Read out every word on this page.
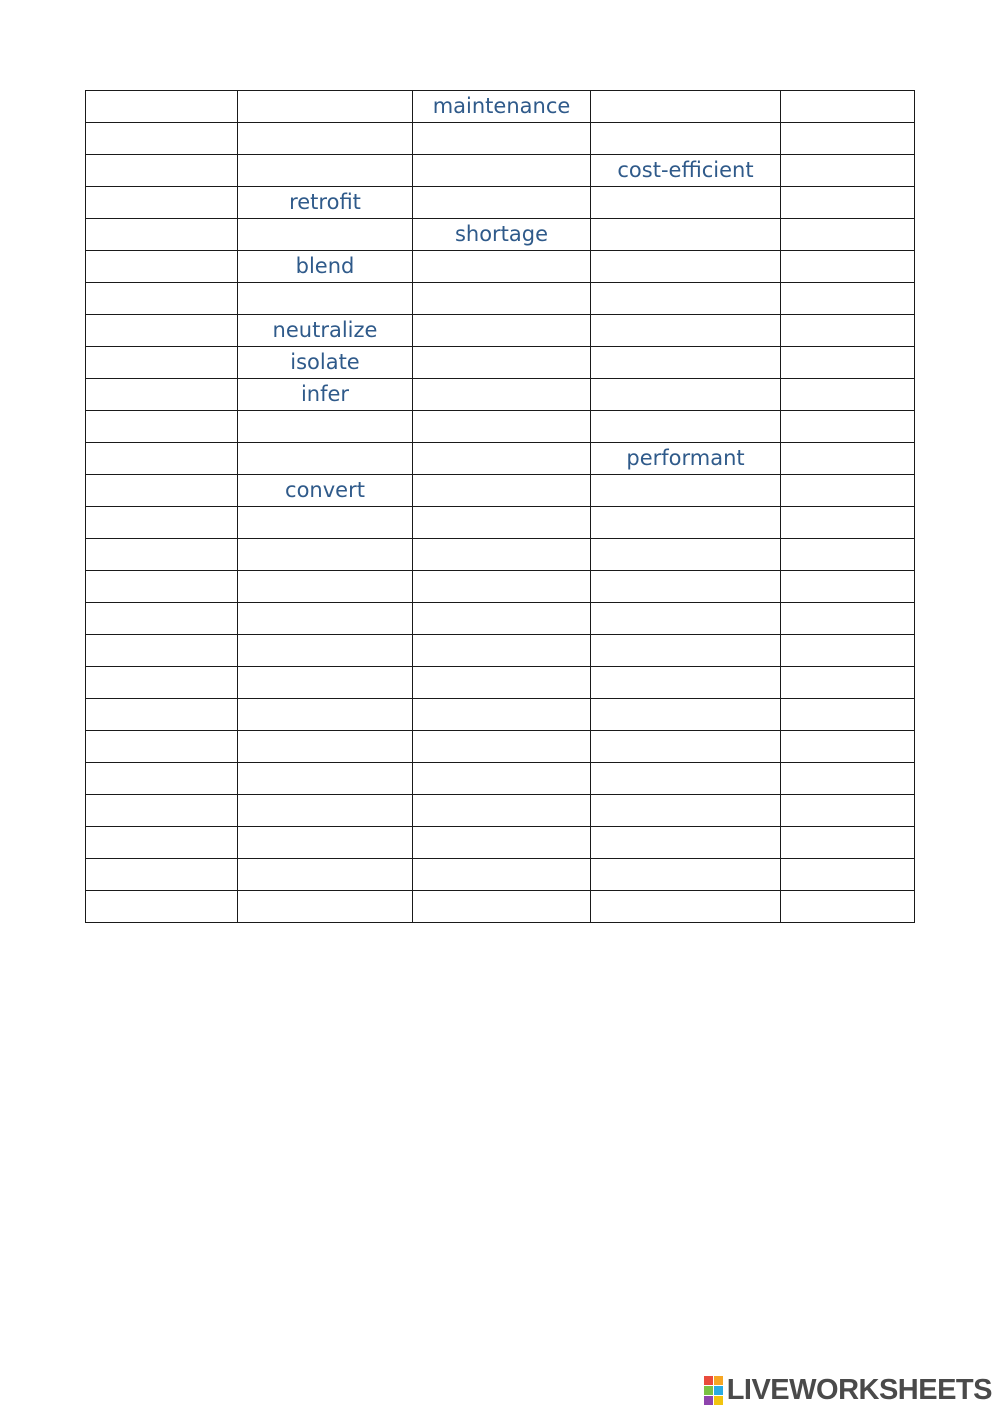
		maintenance		

			cost-efficient	
	retrofit			
		shortage		
	blend			

	neutralize			
	isolate			
	infer			

			performant	
	convert			

LIVEWORKSHEETS
